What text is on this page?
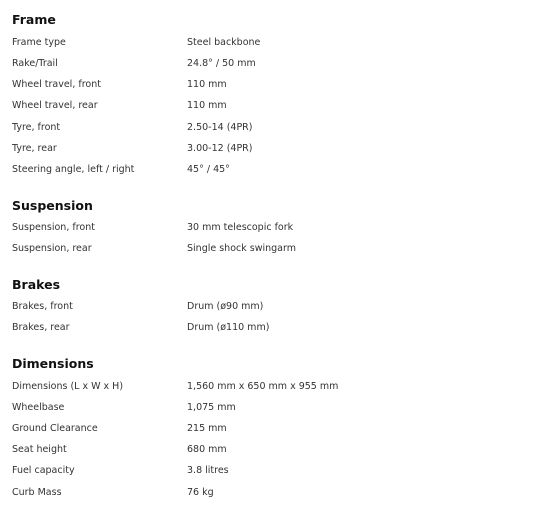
Frame
Frame type	Steel backbone
Rake/Trail	24.8° / 50 mm
Wheel travel, front	110 mm
Wheel travel, rear	110 mm
Tyre, front	2.50-14 (4PR)
Tyre, rear	3.00-12 (4PR)
Steering angle, left / right	45° / 45°
Suspension
Suspension, front	30 mm telescopic fork
Suspension, rear	Single shock swingarm
Brakes
Brakes, front	Drum (ø90 mm)
Brakes, rear	Drum (ø110 mm)
Dimensions
Dimensions (L x W x H)	1,560 mm x 650 mm x 955 mm
Wheelbase	1,075 mm
Ground Clearance	215 mm
Seat height	680 mm
Fuel capacity	3.8 litres
Curb Mass	76 kg
